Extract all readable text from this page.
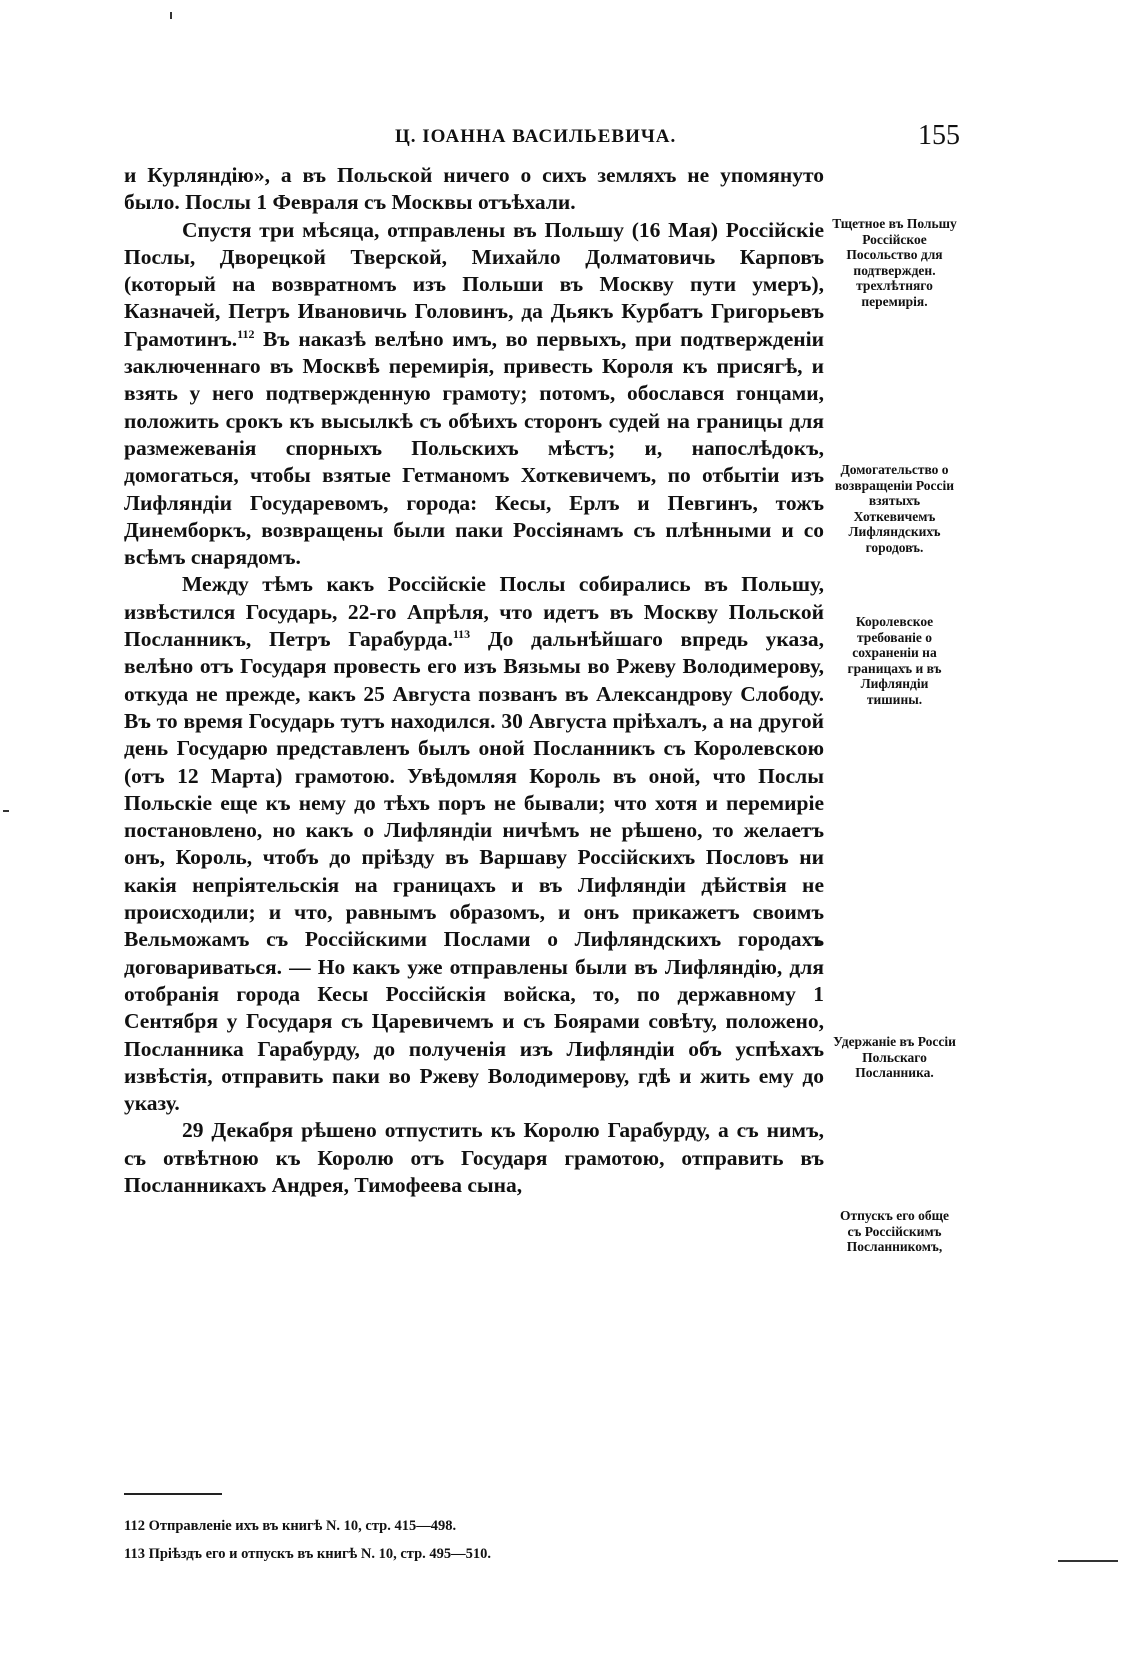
Ц. ІОАННА ВАСИЛЬЕВИЧА.	155

и Курляндію», а въ Польской ничего о сихъ земляхъ не упомянуто было. Послы 1 Февраля съ Москвы отъѣхали.

Спустя три мѣсяца, отправлены въ Польшу (16 Мая) Россійскіе Послы, Дворецкой Тверской, Михайло Долматовичь Карповъ (который на возвратномъ изъ Польши въ Москву пути умеръ), Казначей, Петръ Ивановичь Головинъ, да Дьякъ Курбатъ Григорьевъ Грамотинъ.$^{112}$ Въ наказѣ велѣно имъ, во первыхъ, при подтвержденіи заключеннаго въ Москвѣ перемирія, привесть Короля къ присягѣ, и взять у него подтвержденную грамоту; потомъ, обослався гонцами, положить срокъ къ высылкѣ съ обѣихъ сторонъ судей на границы для размежеванія спорныхъ Польскихъ мѣстъ; и, напослѣдокъ, домогаться, чтобы взятые Гетманомъ Хоткевичемъ, по отбытіи изъ Лифляндіи Государевомъ, города: Кесы, Ерлъ и Певгинъ, тожъ Динемборкъ, возвращены были паки Россіянамъ съ плѣнными и со всѣмъ снарядомъ.

Между тѣмъ какъ Россійскіе Послы собирались въ Польшу, извѣстился Государь, 22-го Апрѣля, что идетъ въ Москву Польской Посланникъ, Петръ Гарабурда.$^{113}$ До дальнѣйшаго впредь указа, велѣно отъ Государя провесть его изъ Вязьмы во Ржеву Володимерову, откуда не прежде, какъ 25 Августа позванъ въ Александрову Слободу. Въ то время Государь тутъ находился. 30 Августа пріѣхалъ, а на другой день Государю представленъ былъ оной Посланникъ съ Королевскою (отъ 12 Марта) грамотою. Увѣдомляя Король въ оной, что Послы Польскіе еще къ нему до тѣхъ поръ не бывали; что хотя и перемиріе постановлено, но какъ о Лифляндіи ничѣмъ не рѣшено, то желаетъ онъ, Король, чтобъ до пріѣзду въ Варшаву Россійскихъ Пословъ ни какія непріятельскія на границахъ и въ Лифляндіи дѣйствія не происходили; и что, равнымъ образомъ, и онъ прикажетъ своимъ Вельможамъ съ Россійскими Послами о Лифляндскихъ городахъ договариваться. — Но какъ уже отправлены были въ Лифляндію, для отобранія города Кесы Россійскія войска, то, по державному 1 Сентября у Государя съ Царевичемъ и съ Боярами совѣту, положено, Посланника Гарабурду, до полученія изъ Лифляндіи объ успѣхахъ извѣстія, отправить паки во Ржеву Володимерову, гдѣ и жить ему до указу.

29 Декабря рѣшено отпустить къ Королю Гарабурду, а съ нимъ, съ отвѣтною къ Королю отъ Государя грамотою, отправить въ Посланникахъ Андрея, Тимофеева сына,

Тщетное въ Польшу Россійское Посольство для подтвержден. трехлѣтняго перемирія.
Домогательство о возвращеніи Россіи взятыхъ Хоткевичемъ Лифляндскихъ городовъ.
Королевское требованіе о сохраненіи на границахъ и въ Лифляндіи тишины.
Удержаніе въ Россіи Польскаго Посланника.
Отпускъ его обще съ Россійскимъ Посланникомъ,
112 Отправленіе ихъ въ книгѣ N. 10, стр. 415—498.
113 Пріѣздъ его и отпускъ въ книгѣ N. 10, стр. 495—510.
